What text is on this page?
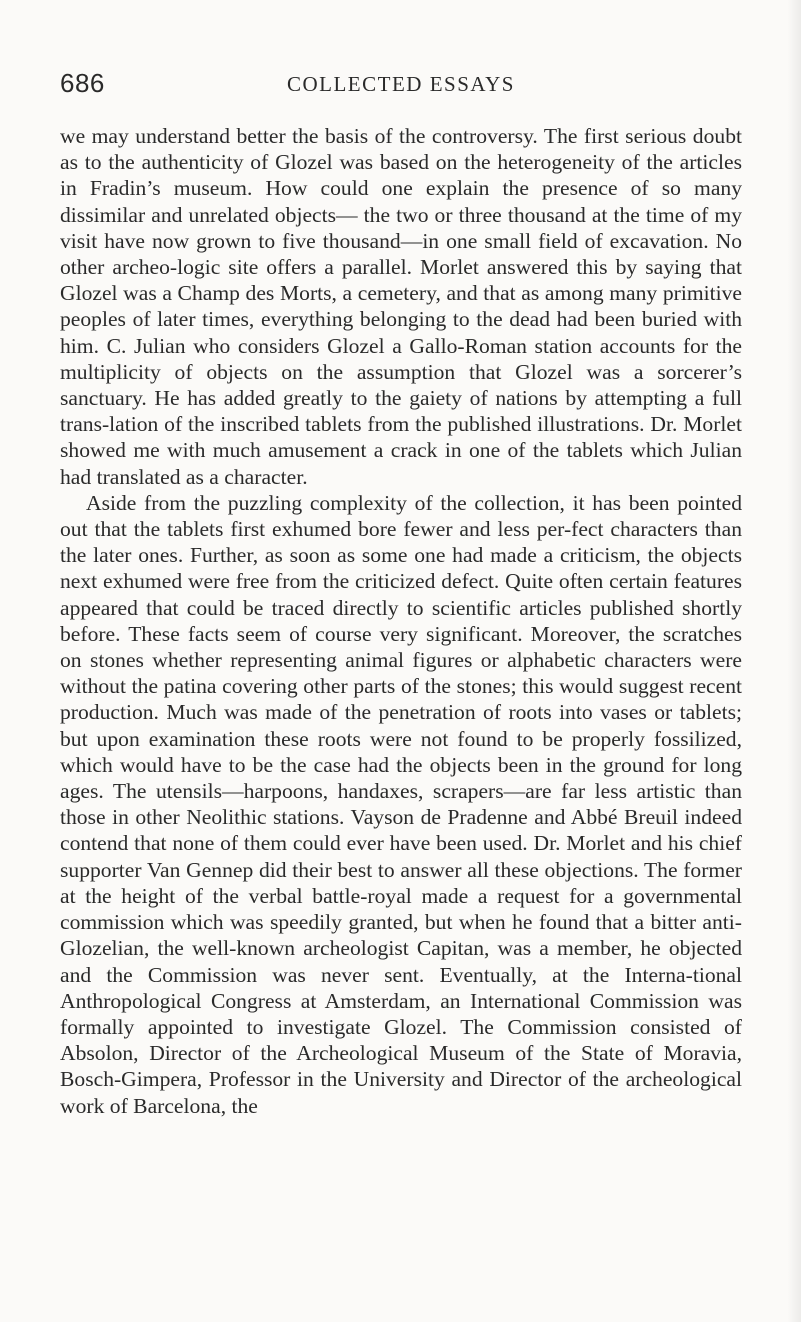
686	COLLECTED ESSAYS

we may understand better the basis of the controversy. The first serious doubt as to the authenticity of Glozel was based on the heterogeneity of the articles in Fradin’s museum. How could one explain the presence of so many dissimilar and unrelated objects— the two or three thousand at the time of my visit have now grown to five thousand—in one small field of excavation. No other archeo-logic site offers a parallel. Morlet answered this by saying that Glozel was a Champ des Morts, a cemetery, and that as among many primitive peoples of later times, everything belonging to the dead had been buried with him. C. Julian who considers Glozel a Gallo-Roman station accounts for the multiplicity of objects on the assumption that Glozel was a sorcerer’s sanctuary. He has added greatly to the gaiety of nations by attempting a full trans-lation of the inscribed tablets from the published illustrations. Dr. Morlet showed me with much amusement a crack in one of the tablets which Julian had translated as a character.

Aside from the puzzling complexity of the collection, it has been pointed out that the tablets first exhumed bore fewer and less per-fect characters than the later ones. Further, as soon as some one had made a criticism, the objects next exhumed were free from the criticized defect. Quite often certain features appeared that could be traced directly to scientific articles published shortly before. These facts seem of course very significant. Moreover, the scratches on stones whether representing animal figures or alphabetic characters were without the patina covering other parts of the stones; this would suggest recent production. Much was made of the penetration of roots into vases or tablets; but upon examination these roots were not found to be properly fossilized, which would have to be the case had the objects been in the ground for long ages. The utensils—harpoons, handaxes, scrapers—are far less artistic than those in other Neolithic stations. Vayson de Pradenne and Abbé Breuil indeed contend that none of them could ever have been used. Dr. Morlet and his chief supporter Van Gennep did their best to answer all these objections. The former at the height of the verbal battle-royal made a request for a governmental commission which was speedily granted, but when he found that a bitter anti-Glozelian, the well-known archeologist Capitan, was a member, he objected and the Commission was never sent. Eventually, at the Interna-tional Anthropological Congress at Amsterdam, an International Commission was formally appointed to investigate Glozel. The Commission consisted of Absolon, Director of the Archeological Museum of the State of Moravia, Bosch-Gimpera, Professor in the University and Director of the archeological work of Barcelona, the
